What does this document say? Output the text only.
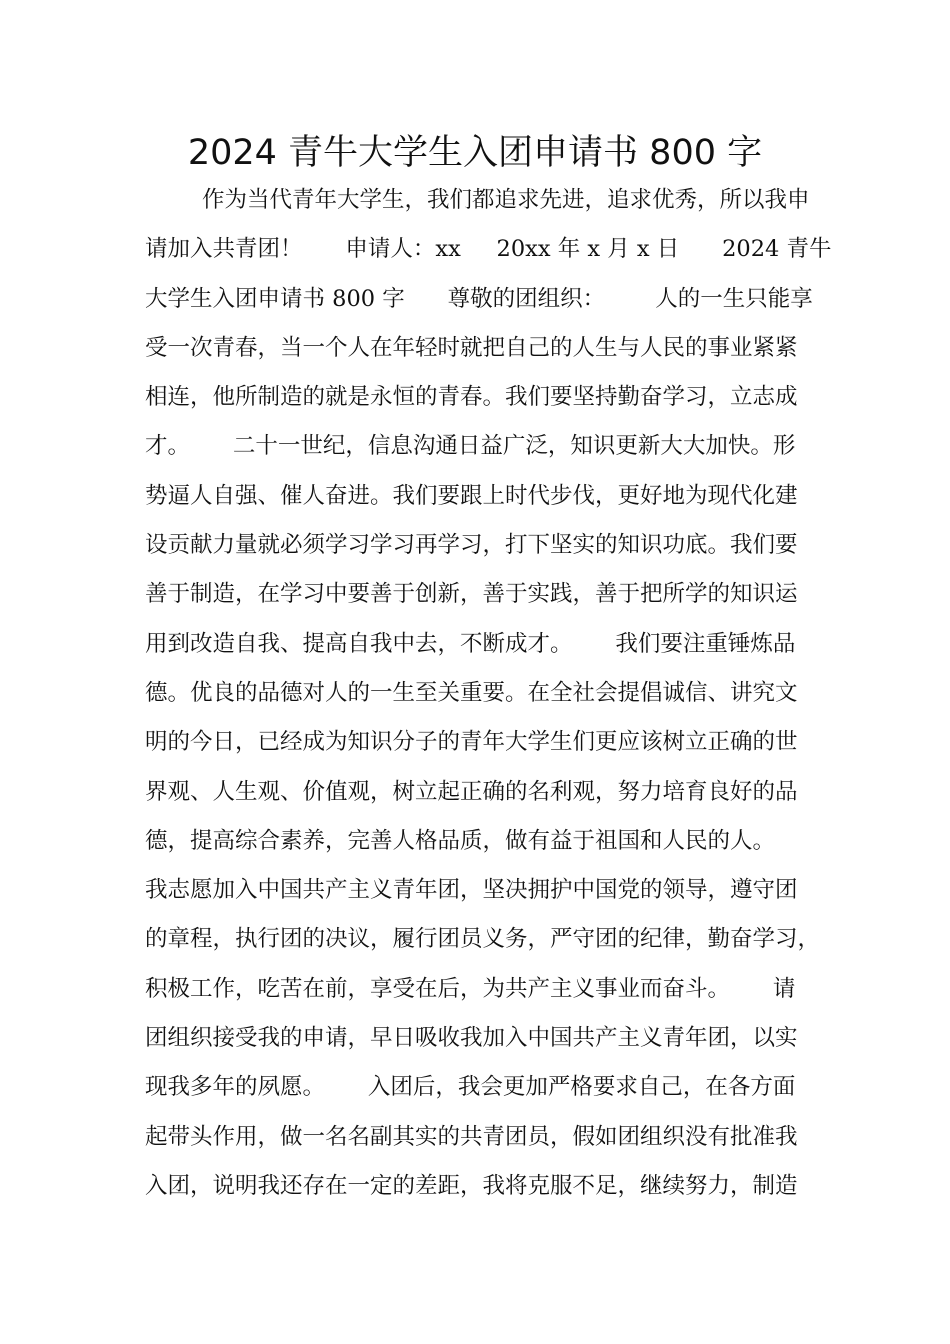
2024 青牛大学生入团申请书 800 字
作为当代青年大学生，我们都追求先进，追求优秀，所以我申
请加入共青团！      申请人：xx     20xx 年 x 月 x 日      2024 青牛
大学生入团申请书 800 字      尊敬的团组织：       人的一生只能享
受一次青春，当一个人在年轻时就把自己的人生与人民的事业紧紧
相连，他所制造的就是永恒的青春。我们要坚持勤奋学习，立志成
才。      二十一世纪，信息沟通日益广泛，知识更新大大加快。形
势逼人自强、催人奋进。我们要跟上时代步伐，更好地为现代化建
设贡献力量就必须学习学习再学习，打下坚实的知识功底。我们要
善于制造，在学习中要善于创新，善于实践，善于把所学的知识运
用到改造自我、提高自我中去，不断成才。      我们要注重锤炼品
德。优良的品德对人的一生至关重要。在全社会提倡诚信、讲究文
明的今日，已经成为知识分子的青年大学生们更应该树立正确的世
界观、人生观、价值观，树立起正确的名利观，努力培育良好的品
德，提高综合素养，完善人格品质，做有益于祖国和人民的人。
我志愿加入中国共产主义青年团，坚决拥护中国党的领导，遵守团
的章程，执行团的决议，履行团员义务，严守团的纪律，勤奋学习，
积极工作，吃苦在前，享受在后，为共产主义事业而奋斗。      请
团组织接受我的申请，早日吸收我加入中国共产主义青年团，以实
现我多年的夙愿。      入团后，我会更加严格要求自己，在各方面
起带头作用，做一名名副其实的共青团员，假如团组织没有批准我
入团，说明我还存在一定的差距，我将克服不足，继续努力，制造
